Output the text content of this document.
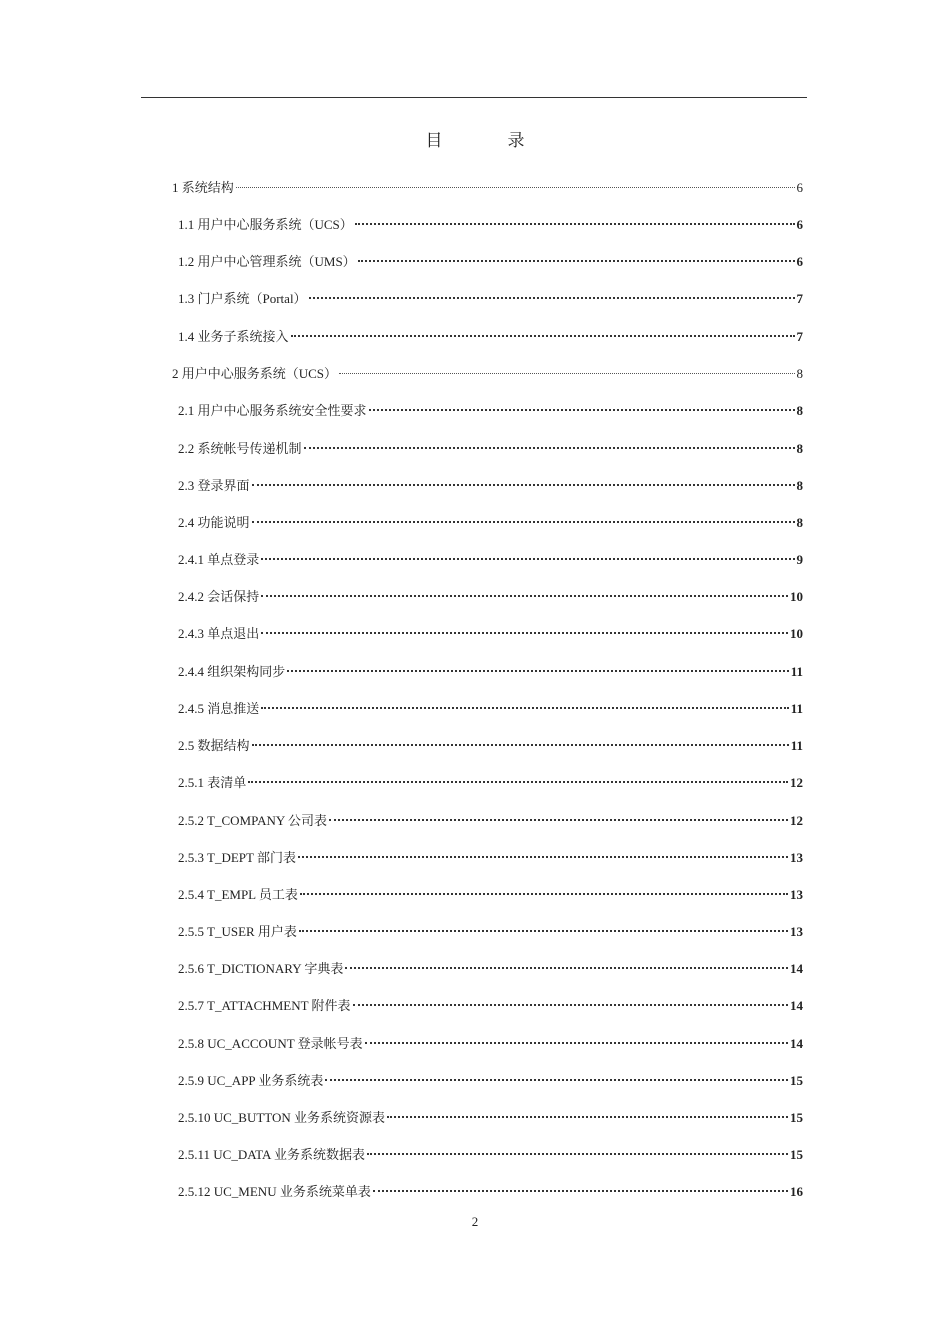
目　录
1 系统结构	6
1.1 用户中心服务系统（UCS）	6
1.2 用户中心管理系统（UMS）	6
1.3 门户系统（Portal）	7
1.4 业务子系统接入	7
2 用户中心服务系统（UCS）	8
2.1 用户中心服务系统安全性要求	8
2.2 系统帐号传递机制	8
2.3 登录界面	8
2.4 功能说明	8
2.4.1 单点登录	9
2.4.2 会话保持	10
2.4.3 单点退出	10
2.4.4 组织架构同步	11
2.4.5 消息推送	11
2.5 数据结构	11
2.5.1 表清单	12
2.5.2 T_COMPANY 公司表	12
2.5.3 T_DEPT 部门表	13
2.5.4 T_EMPL 员工表	13
2.5.5 T_USER 用户表	13
2.5.6 T_DICTIONARY 字典表	14
2.5.7 T_ATTACHMENT 附件表	14
2.5.8 UC_ACCOUNT 登录帐号表	14
2.5.9 UC_APP 业务系统表	15
2.5.10 UC_BUTTON 业务系统资源表	15
2.5.11 UC_DATA 业务系统数据表	15
2.5.12 UC_MENU 业务系统菜单表	16
2
